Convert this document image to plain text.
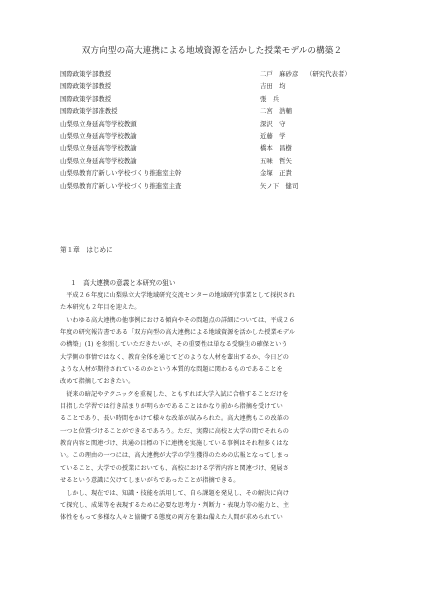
双方向型の高大連携による地域資源を活かした授業モデルの構築２
国際政策学部教授	二戸　麻砂彦 （研究代表者）
国際政策学部教授	吉田　均
国際政策学部教授	張　兵
国際政策学部准教授	二宮　浩輔
山梨県立身延高等学校教頭	深沢　守
山梨県立身延高等学校教諭	近藤　学
山梨県立身延高等学校教諭	橋本　昌樹
山梨県立身延高等学校教諭	五味　哲矢
山梨県教育庁新しい学校づくり推進室主幹	金塚　正貴
山梨県教育庁新しい学校づくり推進室主査	矢ノ下　健司
第１章　はじめに
１　高大連携の意義と本研究の狙い
　平成２６年度に山梨県立大学地域研究交流センターの地域研究事業として採択され
た本研究も２年目を迎えた。
　いわゆる高大連携の他事例における傾向やその問題点の詳細については、平成２６
年度の研究報告書である「双方向型の高大連携による地域資源を活かした授業モデル
の構築」(1) を参照していただきたいが、その重要性は単なる受験生の確保という
大学側の事情ではなく、教育全体を通じてどのような人材を輩出するか、今日どの
ような人材が期待されているのかという本質的な問題に関わるものであることを
改めて指摘しておきたい。
　従来の暗記やテクニックを重視した、ともすれば大学入試に合格することだけを
目指した学習では行き詰まりが明らかであることはかなり前から指摘を受けてい
ることであり、長い時間をかけて様々な改革が試みられた。高大連携もこの改革の
一つと位置づけることができるであろう。ただ、実際に高校と大学の間でそれらの
教育内容と関連づけ、共通の目標の下に連携を実施している事例はそれ程多くはな
い。この理由の一つには、高大連携が大学の学生獲得のための広報となってしまっ
ていること、大学での授業においても、高校における学習内容と関連づけ、発展さ
せるという意識に欠けてしまいがちであったことが指摘できる。
　しかし、現在では、知識・技能を活用して、自ら課題を発見し、その解決に向け
て探究し、成果等を表現するために必要な思考力・判断力・表現力等の能力と、主
体性をもって多様な人々と協働する態度の両方を兼ね備えた人間が求められてい
